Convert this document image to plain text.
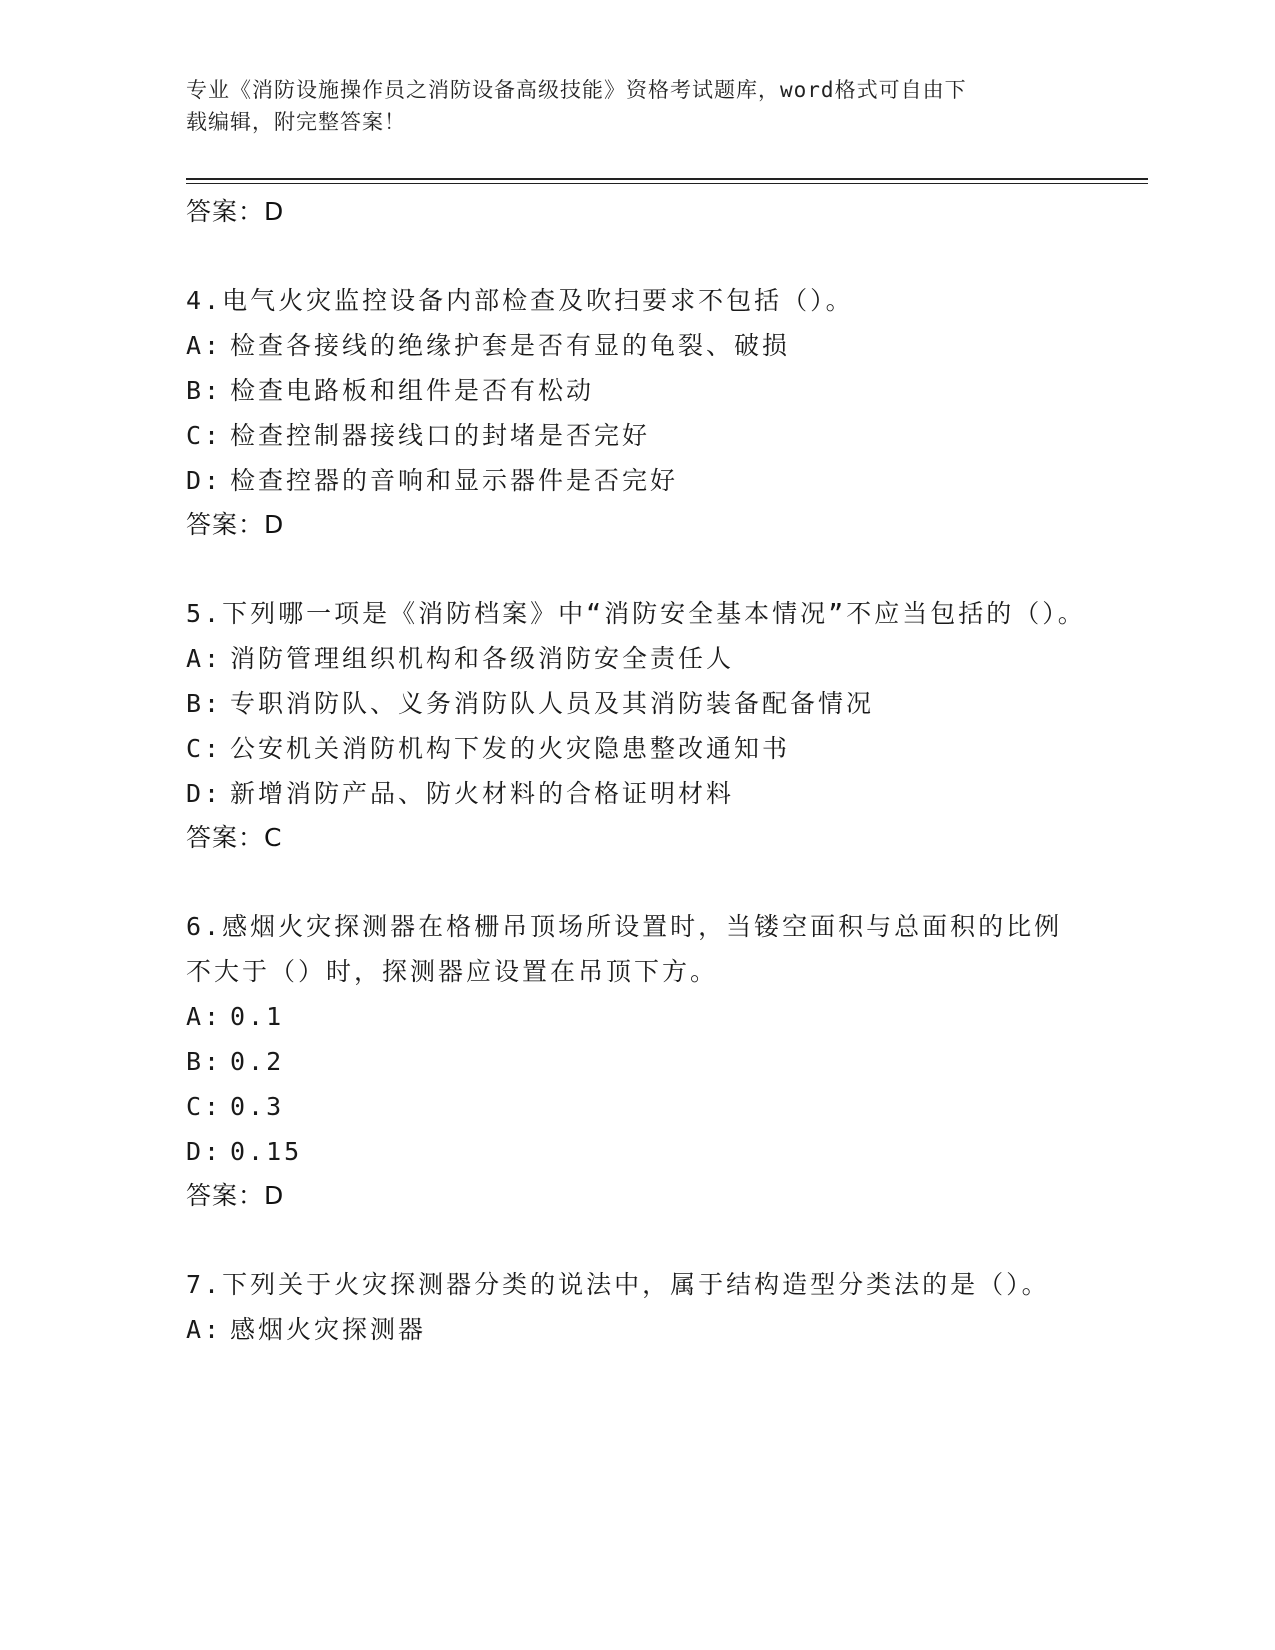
专业《消防设施操作员之消防设备高级技能》资格考试题库，word格式可自由下
载编辑，附完整答案！
答案：D
4.电气火灾监控设备内部检查及吹扫要求不包括（）。
A: 检查各接线的绝缘护套是否有显的龟裂、破损
B: 检查电路板和组件是否有松动
C: 检查控制器接线口的封堵是否完好
D: 检查控器的音响和显示器件是否完好
答案：D
5.下列哪一项是《消防档案》中“消防安全基本情况”不应当包括的（）。
A: 消防管理组织机构和各级消防安全责任人
B: 专职消防队、义务消防队人员及其消防装备配备情况
C: 公安机关消防机构下发的火灾隐患整改通知书
D: 新增消防产品、防火材料的合格证明材料
答案：C
6.感烟火灾探测器在格栅吊顶场所设置时，当镂空面积与总面积的比例不大于（）时，探测器应设置在吊顶下方。
A: 0.1
B: 0.2
C: 0.3
D: 0.15
答案：D
7.下列关于火灾探测器分类的说法中，属于结构造型分类法的是（）。
A: 感烟火灾探测器
